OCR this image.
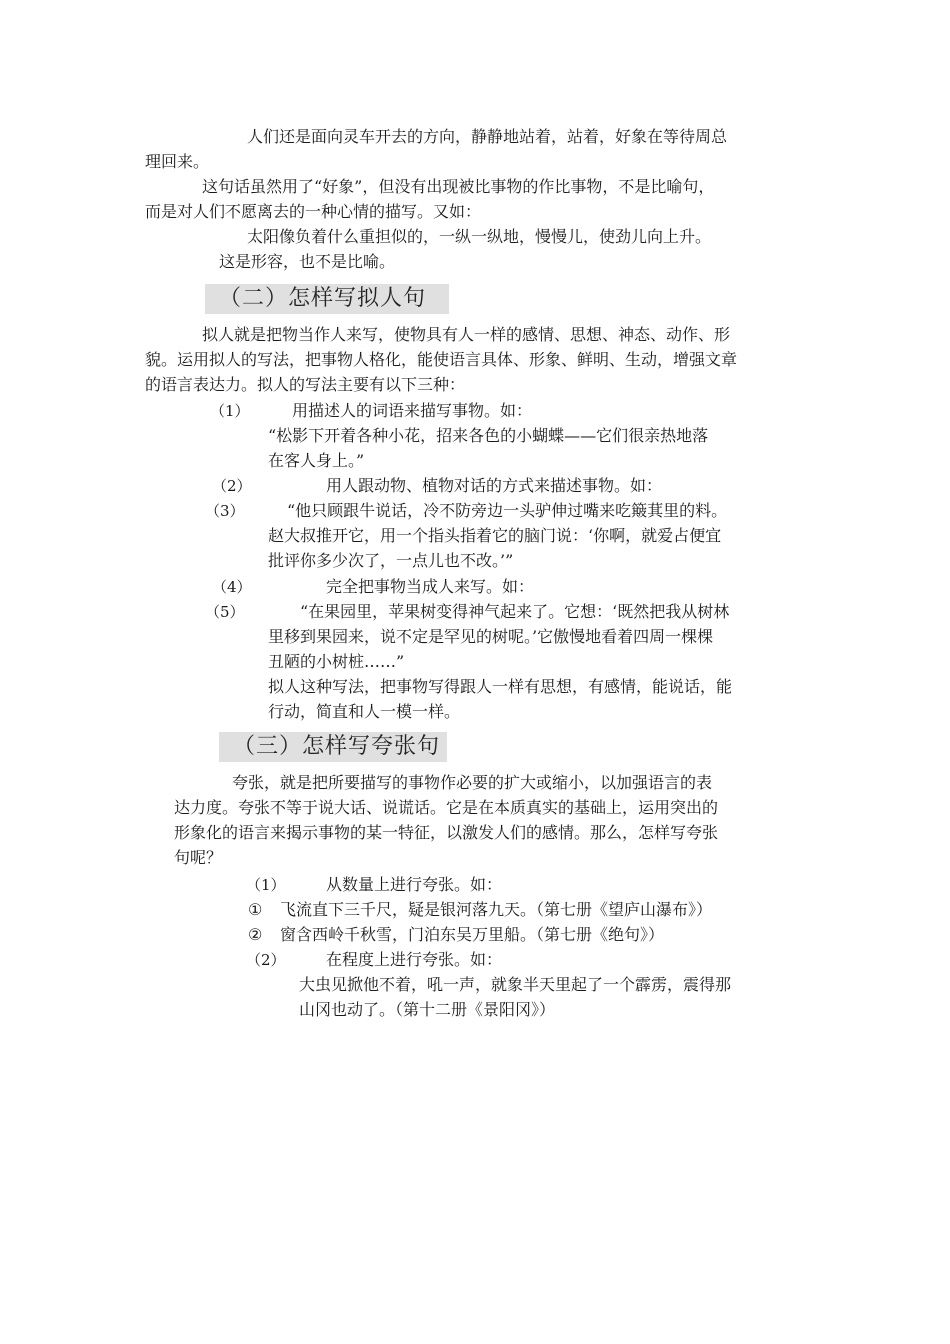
人们还是面向灵车开去的方向，静静地站着，站着，好象在等待周总

理回来。

这句话虽然用了“好象”，但没有出现被比事物的作比事物，不是比喻句，

而是对人们不愿离去的一种心情的描写。又如：

太阳像负着什么重担似的，一纵一纵地，慢慢儿，使劲儿向上升。

这是形容，也不是比喻。

（二）怎样写拟人句

拟人就是把物当作人来写，使物具有人一样的感情、思想、神态、动作、形

貌。运用拟人的写法，把事物人格化，能使语言具体、形象、鲜明、生动，增强文章

的语言表达力。拟人的写法主要有以下三种：

（1）	用描述人的词语来描写事物。如：

“松影下开着各种小花，招来各色的小蝴蝶——它们很亲热地落

在客人身上。”

（2）	用人跟动物、植物对话的方式来描述事物。如：

（3）	“他只顾跟牛说话，冷不防旁边一头驴伸过嘴来吃簸萁里的料。

赵大叔推开它，用一个指头指着它的脑门说：‘你啊，就爱占便宜

批评你多少次了，一点儿也不改。’”

（4）	完全把事物当成人来写。如：

（5）	“在果园里，苹果树变得神气起来了。它想：‘既然把我从树林

里移到果园来，说不定是罕见的树呢。’它傲慢地看着四周一棵棵

丑陋的小树桩……”

拟人这种写法，把事物写得跟人一样有思想，有感情，能说话，能

行动，简直和人一模一样。

（三）怎样写夸张句

夸张，就是把所要描写的事物作必要的扩大或缩小，以加强语言的表

达力度。夸张不等于说大话、说谎话。它是在本质真实的基础上，运用突出的

形象化的语言来揭示事物的某一特征，以激发人们的感情。那么，怎样写夸张

句呢？

（1）	从数量上进行夸张。如：

① 飞流直下三千尺，疑是银河落九天。（第七册《望庐山瀑布》）

② 窗含西岭千秋雪，门泊东吴万里船。（第七册《绝句》）

（2）	在程度上进行夸张。如：

大虫见掀他不着，吼一声，就象半天里起了一个霹雳，震得那

山冈也动了。（第十二册《景阳冈》）
